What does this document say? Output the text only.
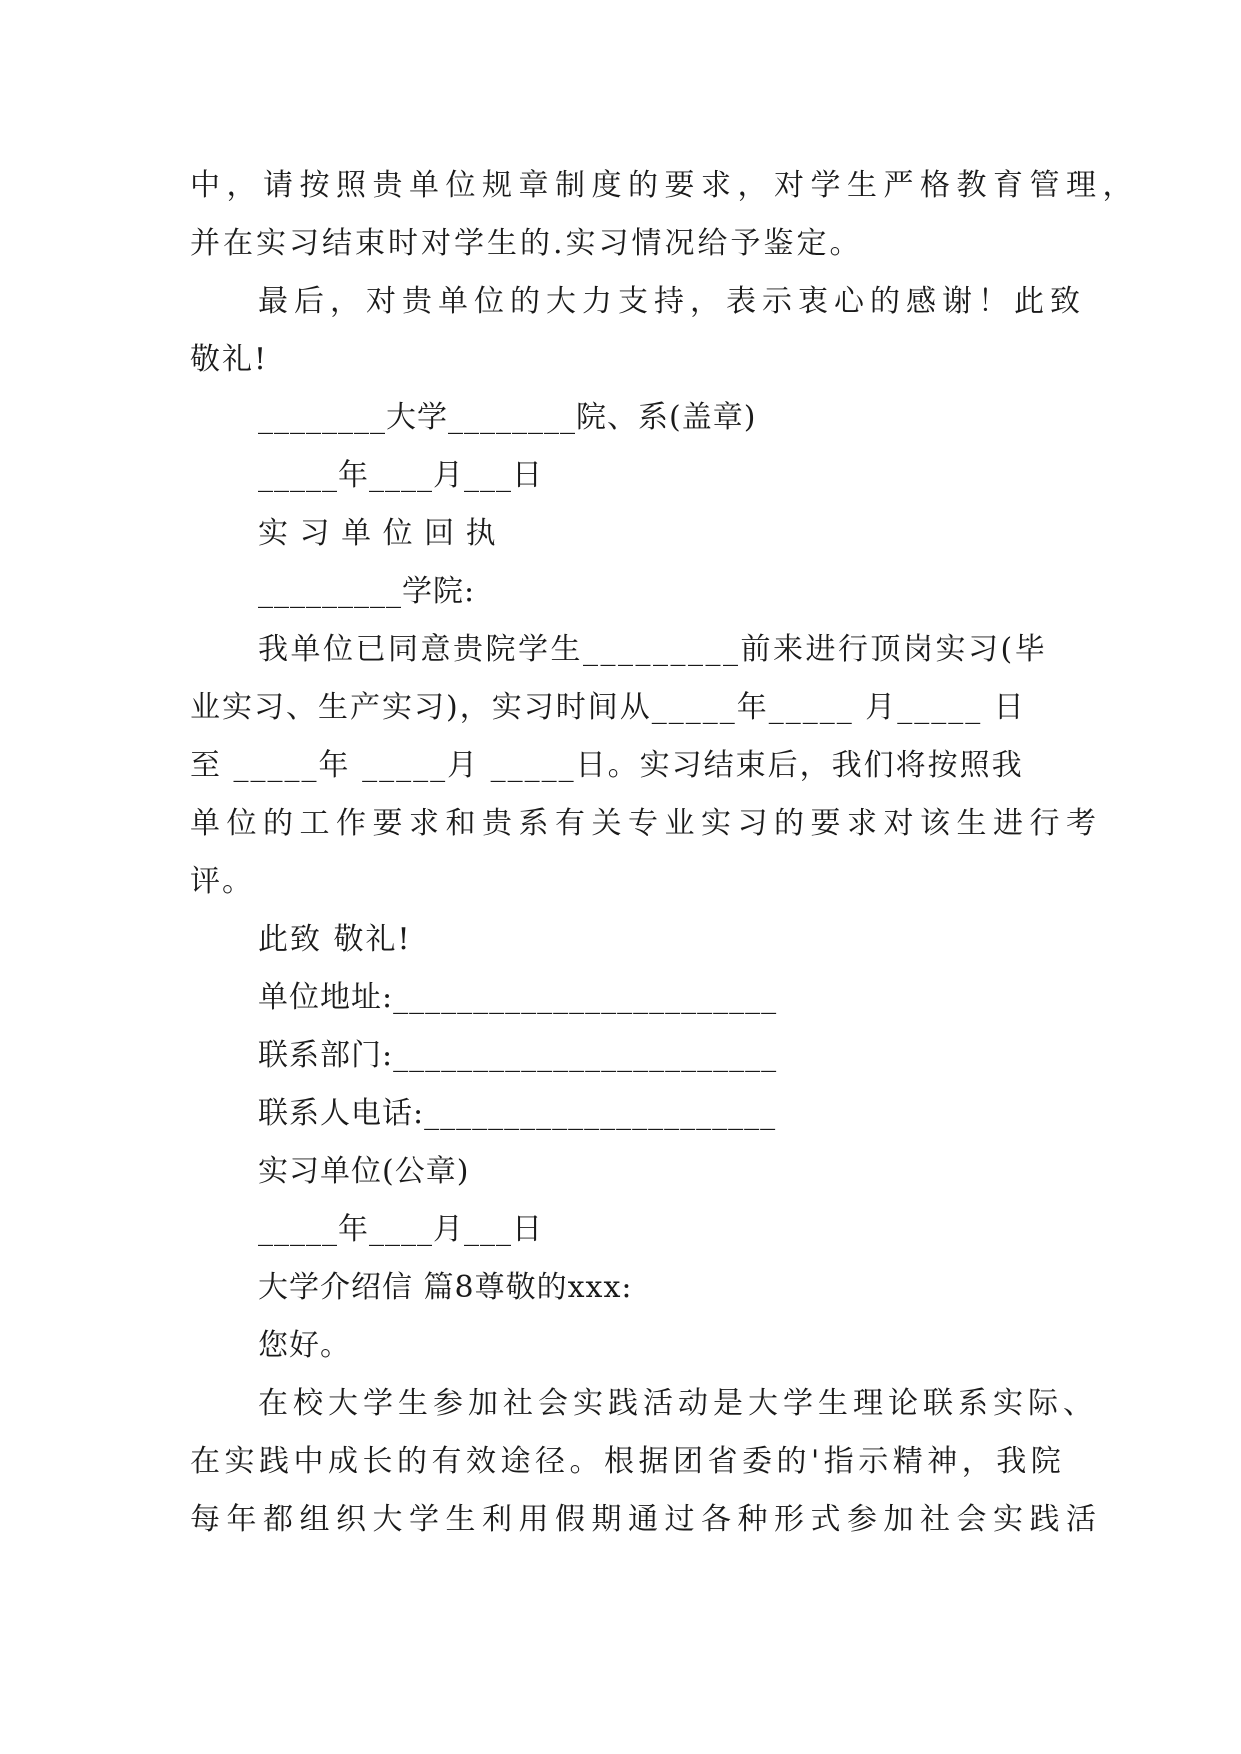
中，请按照贵单位规章制度的要求，对学生严格教育管理，
并在实习结束时对学生的.实习情况给予鉴定。
最后，对贵单位的大力支持，表示衷心的感谢！此致
敬礼!
________大学________院、系(盖章)
_____年____月___日
实 习 单 位 回 执
_________学院:
我单位已同意贵院学生_________前来进行顶岗实习(毕
业实习、生产实习)，实习时间从_____年_____ 月_____ 日
至 _____年 _____月 _____日。实习结束后，我们将按照我
单位的工作要求和贵系有关专业实习的要求对该生进行考
评。
此致 敬礼!
单位地址:________________________
联系部门:________________________
联系人电话:______________________
实习单位(公章)
_____年____月___日
大学介绍信 篇8尊敬的xxx:
您好。
在校大学生参加社会实践活动是大学生理论联系实际、
在实践中成长的有效途径。根据团省委的'指示精神，我院
每年都组织大学生利用假期通过各种形式参加社会实践活
